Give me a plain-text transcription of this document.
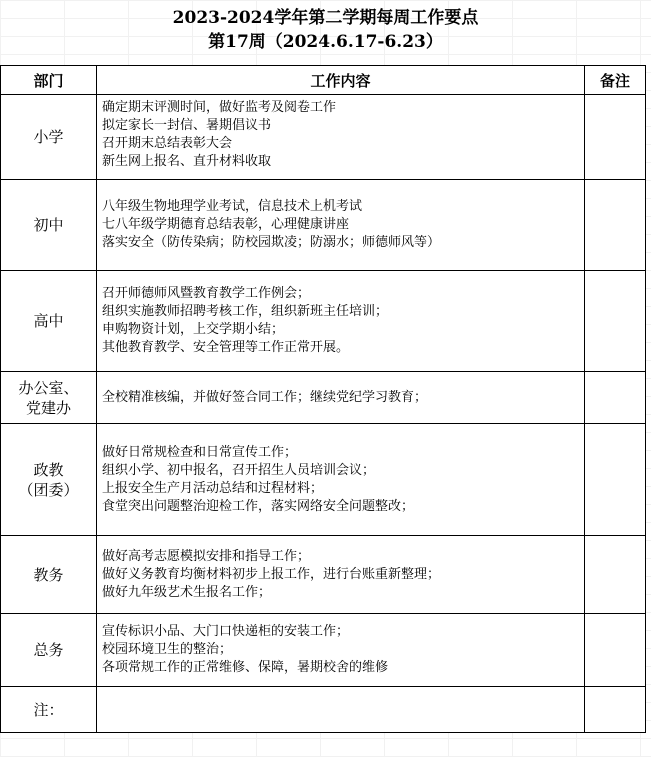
2023-2024学年第二学期每周工作要点
第17周（2024.6.17-6.23）
部门	工作内容	备注
小学	确定期末评测时间，做好监考及阅卷工作
拟定家长一封信、暑期倡议书
召开期末总结表彰大会
新生网上报名、直升材料收取	

初中	八年级生物地理学业考试，信息技术上机考试
七八年级学期德育总结表彰，心理健康讲座
落实安全（防传染病；防校园欺凌；防溺水；师德师风等）	

高中	召开师德师风暨教育教学工作例会；
组织实施教师招聘考核工作，组织新班主任培训；
申购物资计划，上交学期小结；
其他教育教学、安全管理等工作正常开展。	

办公室、
党建办	全校精准核编，并做好签合同工作；继续党纪学习教育；	

政教
（团委）	做好日常规检查和日常宣传工作；
组织小学、初中报名，召开招生人员培训会议；
上报安全生产月活动总结和过程材料；
食堂突出问题整治迎检工作，落实网络安全问题整改；	

教务	做好高考志愿模拟安排和指导工作；
做好义务教育均衡材料初步上报工作，进行台账重新整理；
做好九年级艺术生报名工作；	

总务	宣传标识小品、大门口快递柜的安装工作；
校园环境卫生的整治；
各项常规工作的正常维修、保障，暑期校舍的维修	

注：		
